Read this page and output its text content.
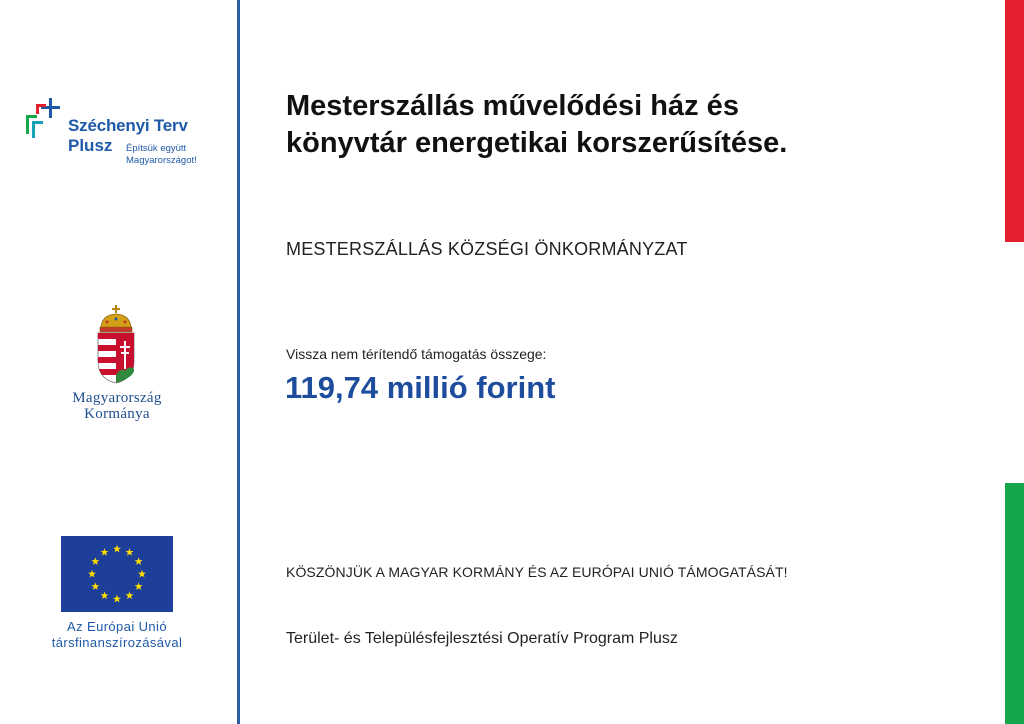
Széchenyi Terv
Plusz Építsük együtt
Magyarországot!
Magyarország
Kormánya
Az Európai Unió
társfinanszírozásával
Mesterszállás művelődési ház és
könyvtár energetikai korszerűsítése.
MESTERSZÁLLÁS KÖZSÉGI ÖNKORMÁNYZAT
Vissza nem térítendő támogatás összege:
119,74 millió forint
KÖSZÖNJÜK A MAGYAR KORMÁNY ÉS AZ EURÓPAI UNIÓ TÁMOGATÁSÁT!
Terület- és Településfejlesztési Operatív Program Plusz
